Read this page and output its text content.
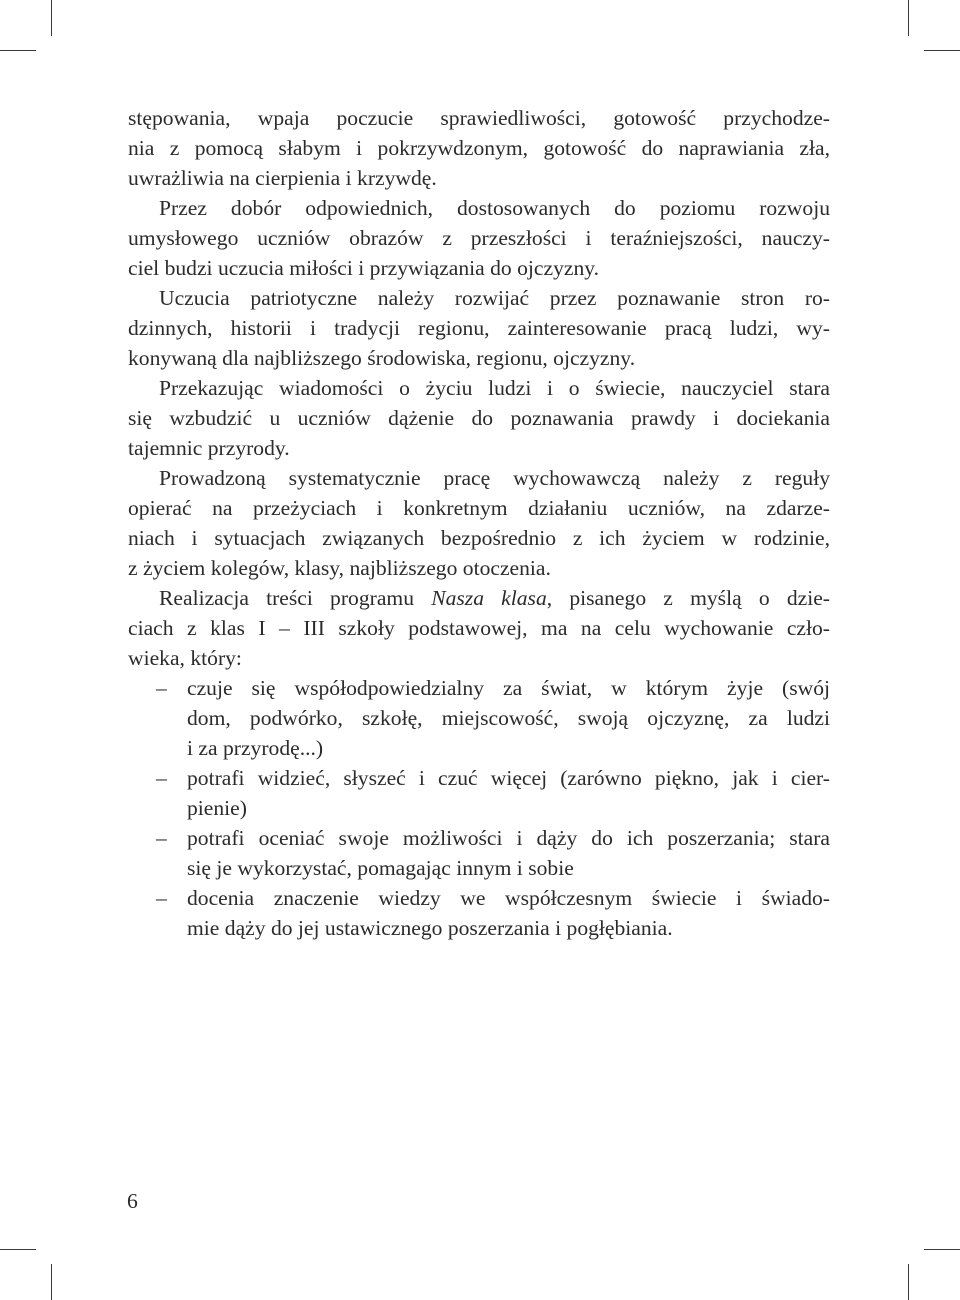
stępowania, wpaja poczucie sprawiedliwości, gotowość przychodze-
nia z pomocą słabym i pokrzywdzonym, gotowość do naprawiania zła,
uwrażliwia na cierpienia i krzywdę.
Przez dobór odpowiednich, dostosowanych do poziomu rozwoju
umysłowego uczniów obrazów z przeszłości i teraźniejszości, nauczy-
ciel budzi uczucia miłości i przywiązania do ojczyzny.
Uczucia patriotyczne należy rozwijać przez poznawanie stron ro-
dzinnych, historii i tradycji regionu, zainteresowanie pracą ludzi, wy-
konywaną dla najbliższego środowiska, regionu, ojczyzny.
Przekazując wiadomości o życiu ludzi i o świecie, nauczyciel stara
się wzbudzić u uczniów dążenie do poznawania prawdy i dociekania
tajemnic przyrody.
Prowadzoną systematycznie pracę wychowawczą należy z reguły
opierać na przeżyciach i konkretnym działaniu uczniów, na zdarze-
niach i sytuacjach związanych bezpośrednio z ich życiem w rodzinie,
z życiem kolegów, klasy, najbliższego otoczenia.
Realizacja treści programu Nasza klasa, pisanego z myślą o dzie-
ciach z klas I – III szkoły podstawowej, ma na celu wychowanie czło-
wieka, który:
– czuje się współodpowiedzialny za świat, w którym żyje (swój
dom, podwórko, szkołę, miejscowość, swoją ojczyznę, za ludzi
i za przyrodę...)
– potrafi widzieć, słyszeć i czuć więcej (zarówno piękno, jak i cier-
pienie)
– potrafi oceniać swoje możliwości i dąży do ich poszerzania; stara
się je wykorzystać, pomagając innym i sobie
– docenia znaczenie wiedzy we współczesnym świecie i świado-
mie dąży do jej ustawicznego poszerzania i pogłębiania.
6
